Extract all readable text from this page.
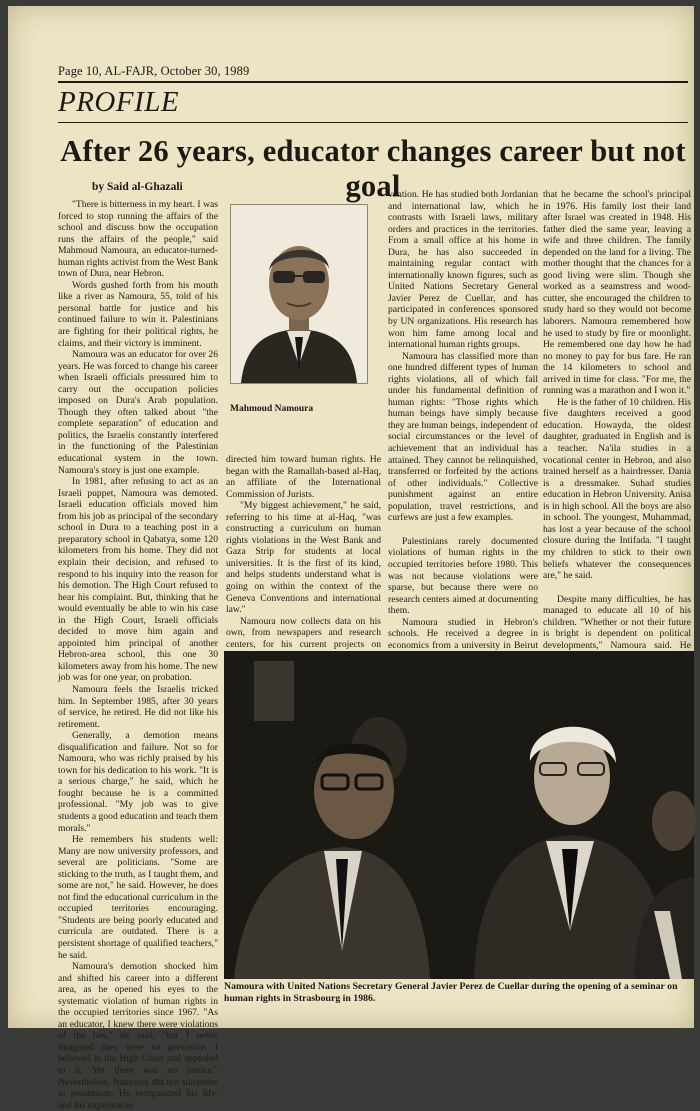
Page 10, AL-FAJR, October 30, 1989
PROFILE
After 26 years, educator changes career but not goal
by Said al-Ghazali

"There is bitterness in my heart. I was forced to stop running the affairs of the school and discuss how the occupation runs the affairs of the people," said Mahmoud Namoura, an educator-turned-human rights activist from the West Bank town of Dura, near Hebron.

Words gushed forth from his mouth like a river as Namoura, 55, told of his personal battle for justice and his continued failure to win it. Palestinians are fighting for their political rights, he claims, and their victory is imminent.

Namoura was an educator for over 26 years. He was forced to change his career when Israeli officials pressured him to carry out the occupation policies imposed on Dura's Arab population. Though they often talked about "the complete separation" of education and politics, the Israelis constantly interfered in the functioning of the Palestinian educational system in the town. Namoura's story is just one example.

In 1981, after refusing to act as an Israeli puppet, Namoura was demoted. Israeli education officials moved him from his job as principal of the secondary school in Dura to a teaching post in a preparatory school in Qabatya, some 120 kilometers from his home. They did not explain their decision, and refused to respond to his inquiry into the reason for his demotion. The High Court refused to hear his complaint. But, thinking that he would eventually be able to win his case in the High Court, Israeli officials decided to move him again and appointed him principal of another Hebron-area school, this one 30 kilometers away from his home. The new job was for one year, on probation.

Namoura feels the Israelis tricked him. In September 1985, after 30 years of service, he retired. He did not like his retirement.

Generally, a demotion means disqualification and failure. Not so for Namoura, who was richly praised by his town for his dedication to his work. "It is a serious charge," he said, which he fought because he is a committed professional. "My job was to give students a good education and teach them morals."

He remembers his students well: Many are now university professors, and several are politicians. "Some are sticking to the truth, as I taught them, and some are not," he said. However, he does not find the educational curriculum in the occupied territories encouraging. "Students are being poorly educated and curricula are outdated. There is a persistent shortage of qualified teachers," he said.

Namoura's demotion shocked him and shifted his career into a different area, as he opened his eyes to the systematic violation of human rights in the occupied territories since 1967. "As an educator, I knew there were violations of the law," he said, "but I never imagined they were so pervasive. I believed in the High Court and appealed to it. Yet there was no justice." Nevertheless, Namoura did not surrender to pessimism. He reorganized his life, and his experiences

Mahmoud Namoura

directed him toward human rights. He began with the Ramallah-based al-Haq, an affiliate of the International Commission of Jurists.

"My biggest achievement," he said, referring to his time at al-Haq, "was constructing a curriculum on human rights violations in the West Bank and Gaza Strip for students at local universities. It is the first of its kind, and helps students understand what is going on within the context of the Geneva Conventions and international law."

Namoura now collects data on his own, from newspapers and research centers, for his current projects on

vention. He has studied both Jordanian and international law, which he contrasts with Israeli laws, military orders and practices in the territories. From a small office at his home in Dura, he has also succeeded in maintaining regular contact with internationally known figures, such as United Nations Secretary General Javier Perez de Cuellar, and has participated in conferences sponsored by UN organizations. His research has won him fame among local and international human rights groups.

Namoura has classified more than one hundred different types of human rights violations, all of which fall under his fundamental definition of human rights: "Those rights which human beings have simply because they are human beings, independent of social circumstances or the level of achievement that an individual has attained. They cannot be relinquished, transferred or forfeited by the actions of other individuals." Collective punishment against an entire population, travel restrictions, and curfews are just a few examples.

Palestinians rarely documented violations of human rights in the occupied territories before 1980. This was not because violations were sparse, but because there were no research centers aimed at documenting them.

Namoura studied in Hebron's schools. He received a degree in economics from a university in Beirut

that he became the school's principal in 1976. His family lost their land after Israel was created in 1948. His father died the same year, leaving a wife and three children. The family depended on the land for a living. The mother thought that the chances for a good living were slim. Though she worked as a seamstress and wood-cutter, she encouraged the children to study hard so they would not become laborers. Namoura remembered how he used to study by fire or moonlight. He remembered one day how he had no money to pay for bus fare. He ran the 14 kilometers to school and arrived in time for class. "For me, the running was a marathon and I won it."

He is the father of 10 children. His five daughters received a good education. Howayda, the oldest daughter, graduated in English and is a teacher. Na'ila studies in a vocational center in Hebron, and also trained herself as a hairdresser. Dania is a dressmaker. Suhad studies education in Hebron University. Anisa is in high school. All the boys are also in school. The youngest, Muhammad, has lost a year because of the school closure during the Intifada. "I taught my children to stick to their own beliefs whatever the consequences are," he said.

Despite many difficulties, he has managed to educate all 10 of his children. "Whether or not their future is bright is dependent on political developments," Namoura said. He

Namoura with United Nations Secretary General Javier Perez de Cuellar during the opening of a seminar on human rights in Strasbourg in 1986.
